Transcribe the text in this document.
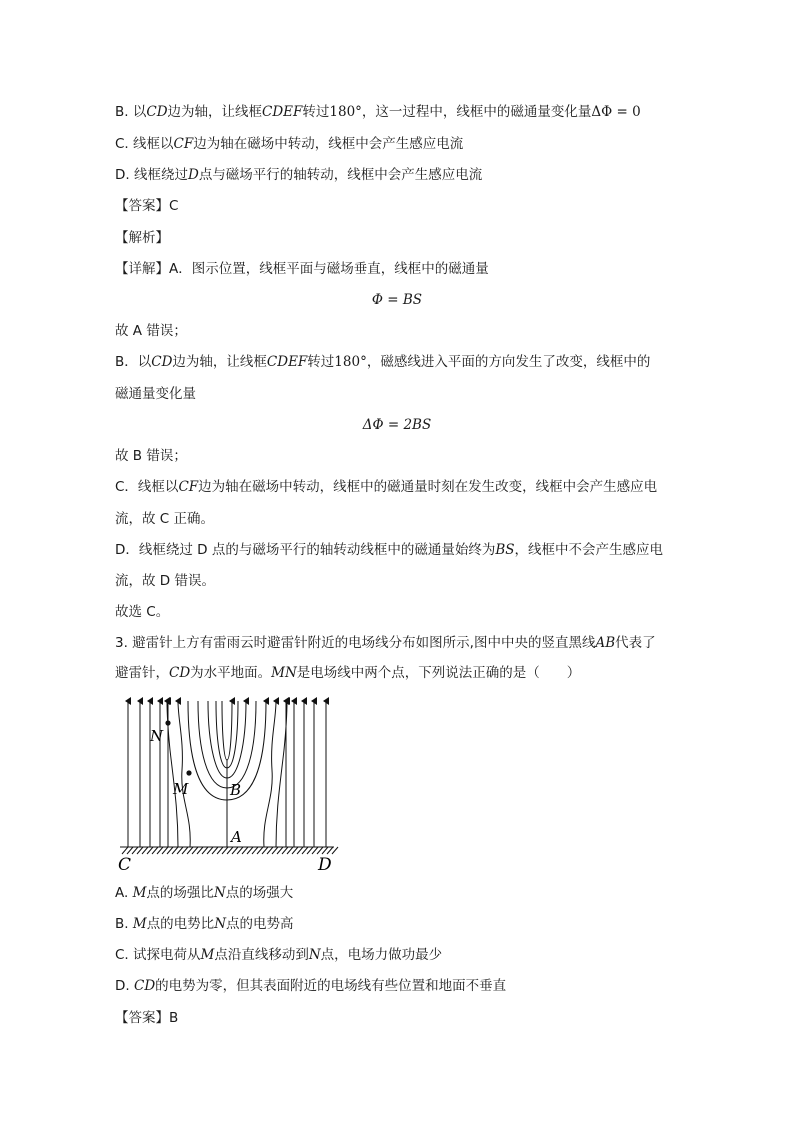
B. 以CD边为轴，让线框CDEF转过180°，这一过程中，线框中的磁通量变化量ΔΦ = 0
C. 线框以CF边为轴在磁场中转动，线框中会产生感应电流
D. 线框绕过D点与磁场平行的轴转动，线框中会产生感应电流
【答案】C
【解析】
【详解】A．图示位置，线框平面与磁场垂直，线框中的磁通量
Φ = BS
故 A 错误；
B．以CD边为轴，让线框CDEF转过180°，磁感线进入平面的方向发生了改变，线框中的
磁通量变化量
ΔΦ = 2BS
故 B 错误；
C．线框以CF边为轴在磁场中转动，线框中的磁通量时刻在发生改变，线框中会产生感应电
流，故 C 正确。
D．线框绕过 D 点的与磁场平行的轴转动线框中的磁通量始终为BS，线框中不会产生感应电
流，故 D 错误。
故选 C。
3. 避雷针上方有雷雨云时避雷针附近的电场线分布如图所示,图中中央的竖直黑线AB代表了
避雷针，CD为水平地面。MN是电场线中两个点，下列说法正确的是（　　）
N
M	B
A
C	D
A. M点的场强比N点的场强大
B. M点的电势比N点的电势高
C. 试探电荷从M点沿直线移动到N点，电场力做功最少
D. CD的电势为零，但其表面附近的电场线有些位置和地面不垂直
【答案】B
